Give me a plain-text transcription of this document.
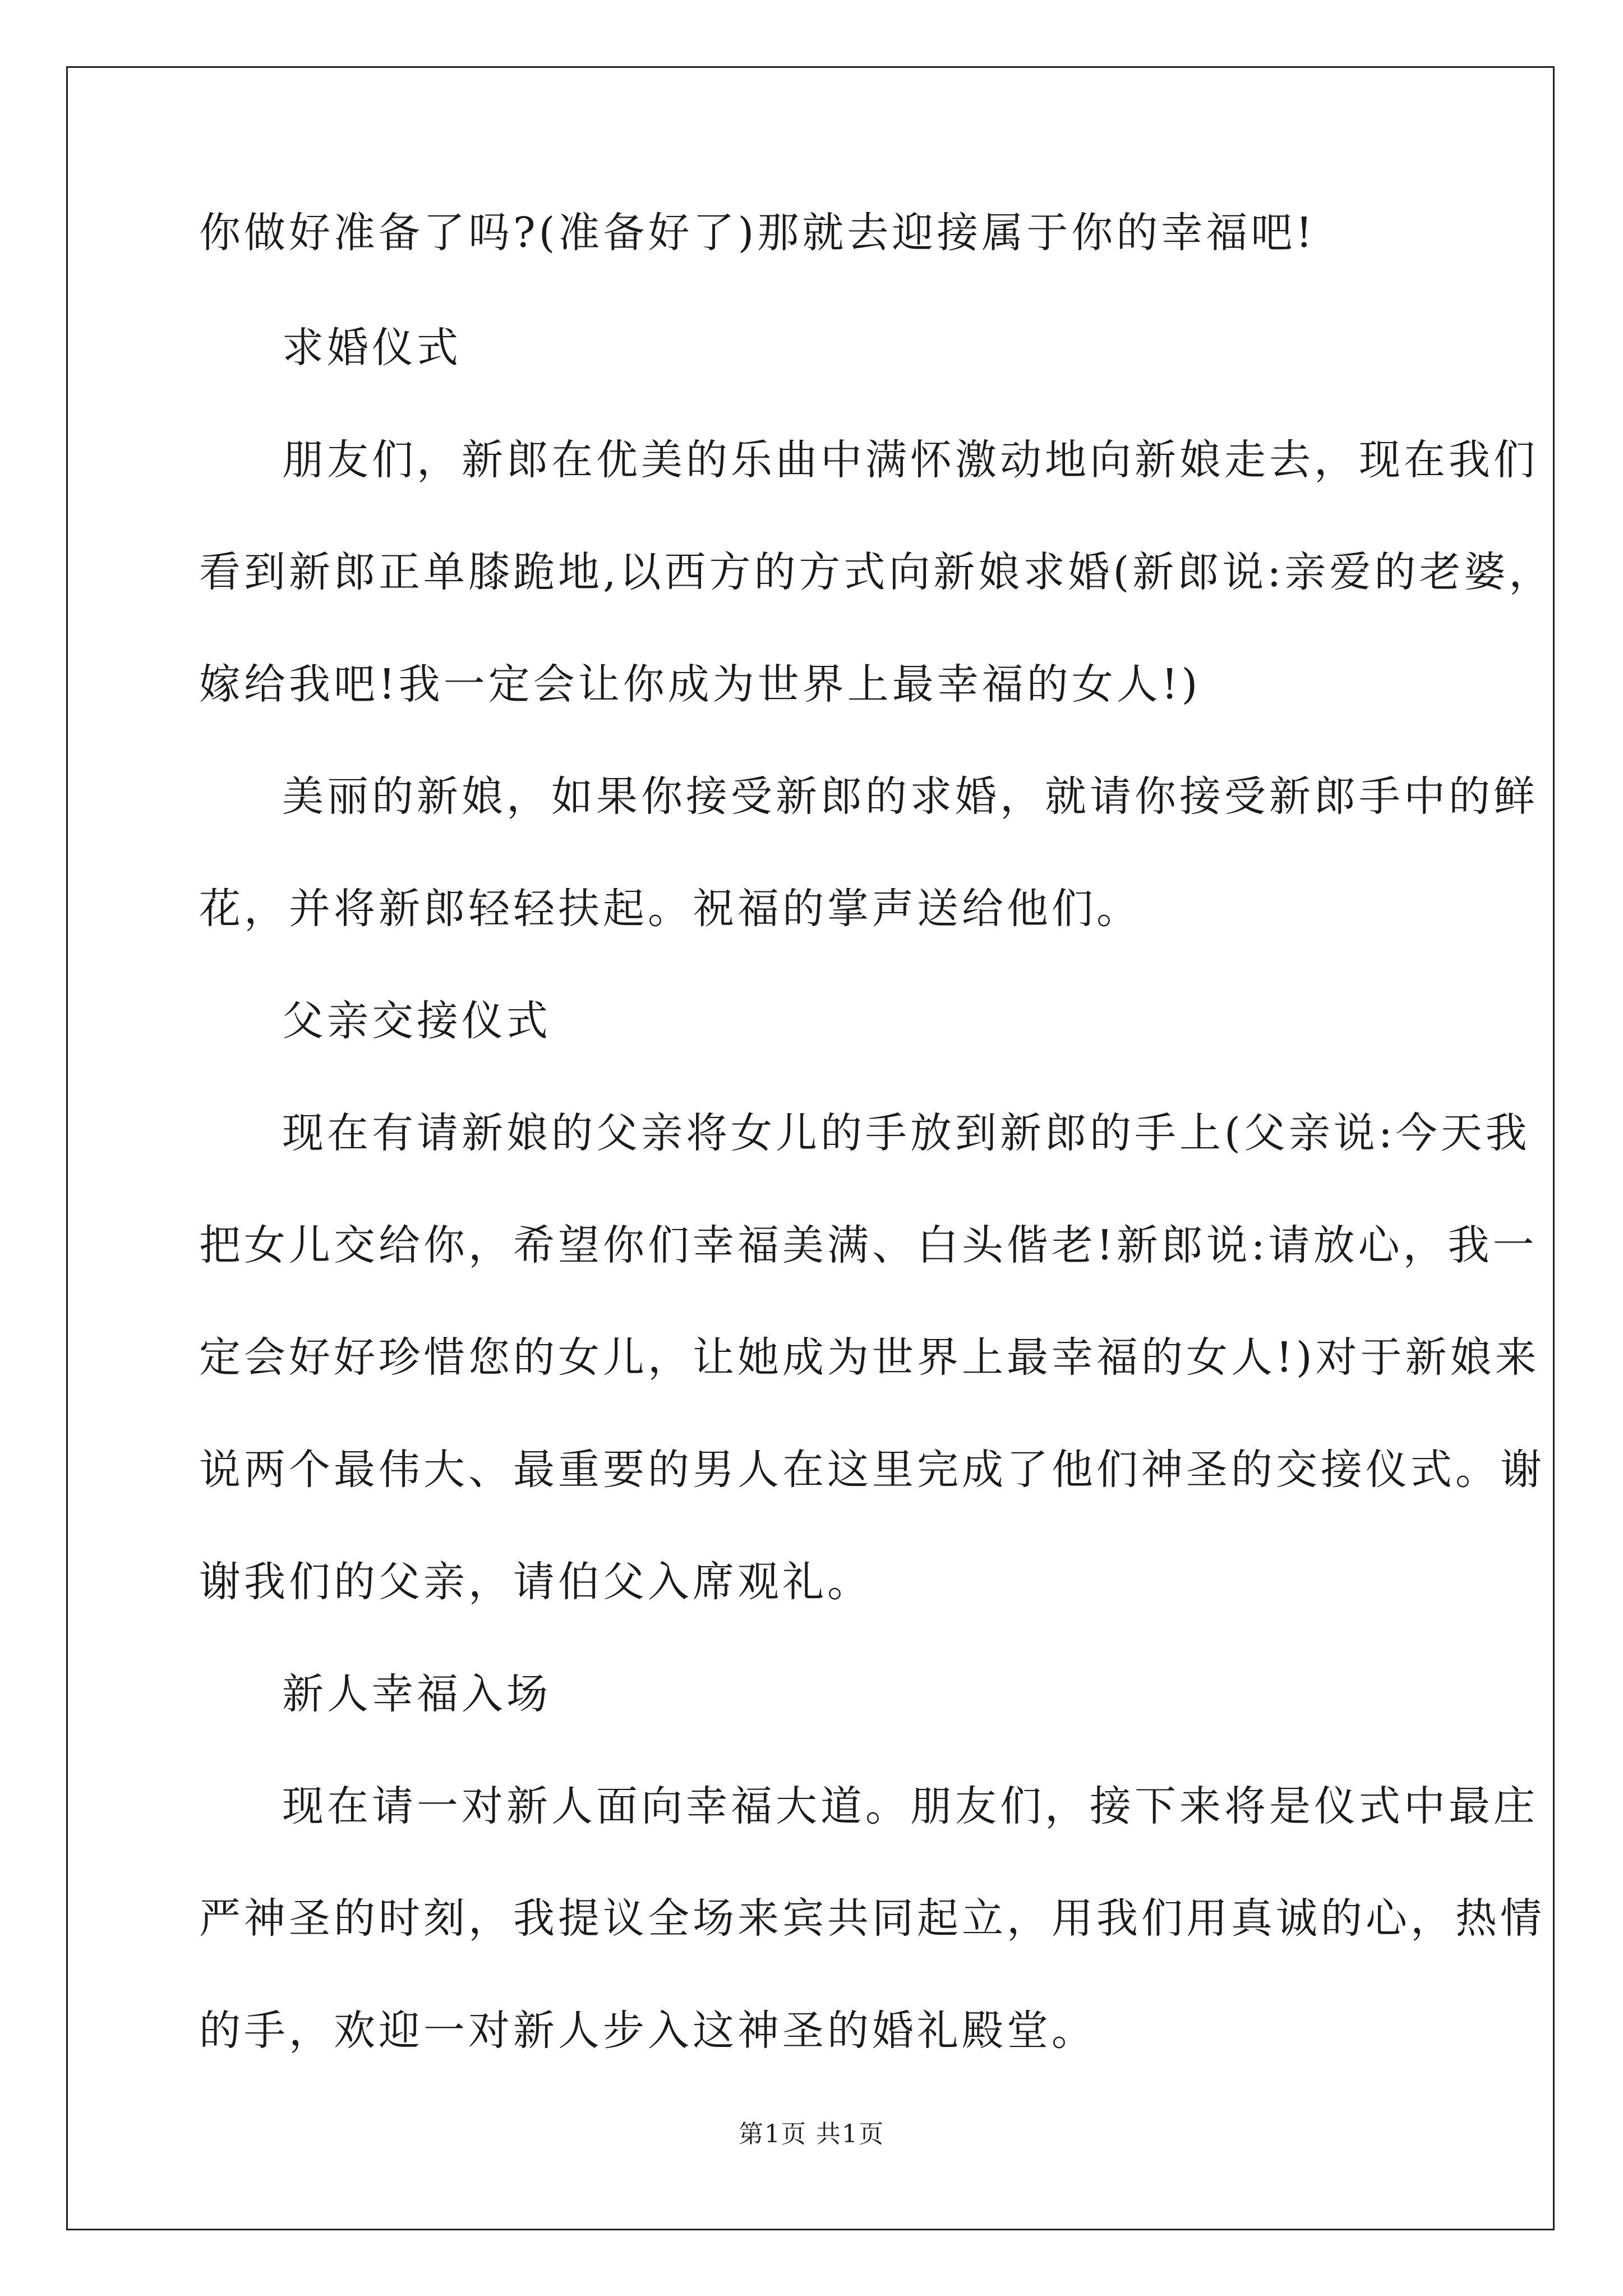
你做好准备了吗?(准备好了)那就去迎接属于你的幸福吧!
求婚仪式
朋友们，新郎在优美的乐曲中满怀激动地向新娘走去，现在我们
看到新郎正单膝跪地,以西方的方式向新娘求婚(新郎说:亲爱的老婆，
嫁给我吧!我一定会让你成为世界上最幸福的女人!)
美丽的新娘，如果你接受新郎的求婚，就请你接受新郎手中的鲜
花，并将新郎轻轻扶起。祝福的掌声送给他们。
父亲交接仪式
现在有请新娘的父亲将女儿的手放到新郎的手上(父亲说:今天我
把女儿交给你，希望你们幸福美满、白头偕老!新郎说:请放心，我一
定会好好珍惜您的女儿，让她成为世界上最幸福的女人!)对于新娘来
说两个最伟大、最重要的男人在这里完成了他们神圣的交接仪式。谢
谢我们的父亲，请伯父入席观礼。
新人幸福入场
现在请一对新人面向幸福大道。朋友们，接下来将是仪式中最庄
严神圣的时刻，我提议全场来宾共同起立，用我们用真诚的心，热情
的手，欢迎一对新人步入这神圣的婚礼殿堂。
第1页 共1页
